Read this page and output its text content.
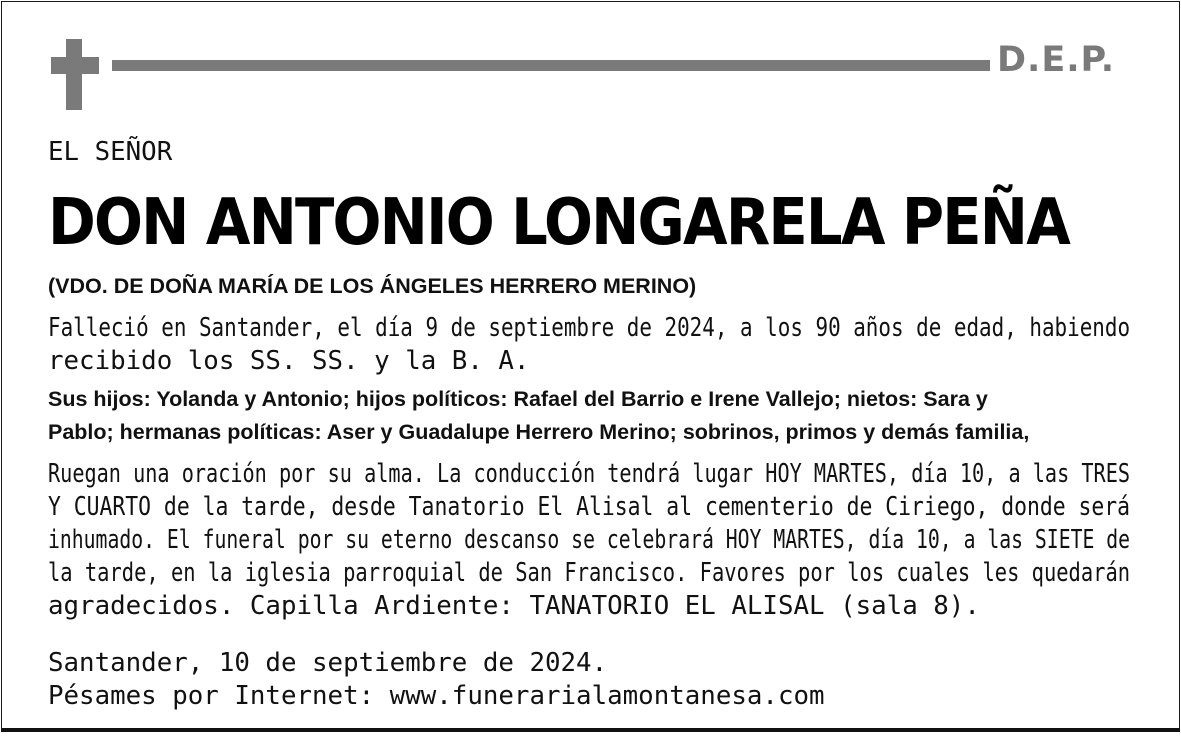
D.E.P.
EL SEÑOR
DON ANTONIO LONGARELA PEÑA
(VDO. DE DOÑA MARÍA DE LOS ÁNGELES HERRERO MERINO)
Falleció en Santander, el día 9 de septiembre de 2024, a los 90 años de edad, habiendo
recibido los SS. SS. y la B. A.
Sus hijos: Yolanda y Antonio; hijos políticos: Rafael del Barrio e Irene Vallejo; nietos: Sara y
Pablo; hermanas políticas: Aser y Guadalupe Herrero Merino; sobrinos, primos y demás familia,
Ruegan una oración por su alma. La conducción tendrá lugar HOY MARTES, día 10, a las TRES
Y CUARTO de la tarde, desde Tanatorio El Alisal al cementerio de Ciriego, donde será
inhumado. El funeral por su eterno descanso se celebrará HOY MARTES, día 10, a las SIETE de
la tarde, en la iglesia parroquial de San Francisco. Favores por los cuales les quedarán
agradecidos. Capilla Ardiente: TANATORIO EL ALISAL (sala 8).
Santander, 10 de septiembre de 2024.
Pésames por Internet: www.funerarialamontanesa.com
